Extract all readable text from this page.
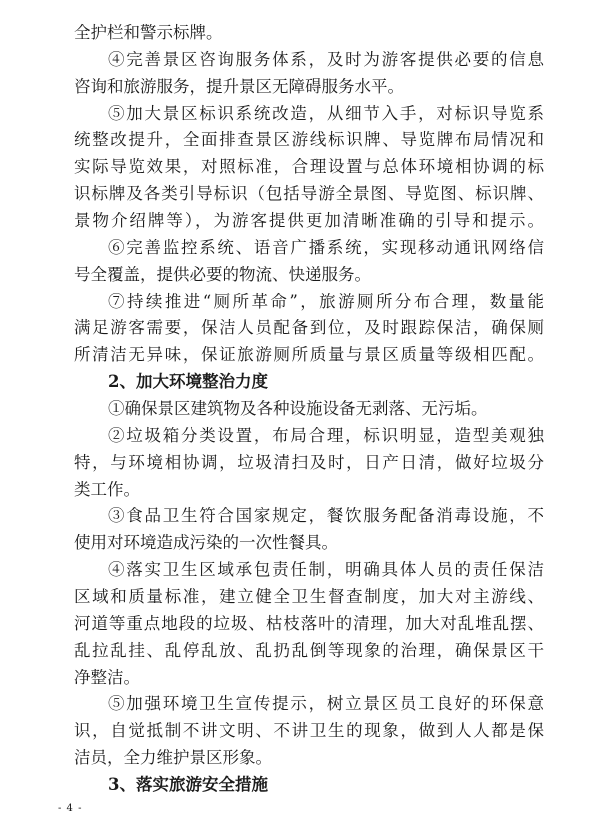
全护栏和警示标牌。
④完善景区咨询服务体系，及时为游客提供必要的信息
咨询和旅游服务，提升景区无障碍服务水平。
⑤加大景区标识系统改造，从细节入手，对标识导览系
统整改提升，全面排查景区游线标识牌、导览牌布局情况和
实际导览效果，对照标准，合理设置与总体环境相协调的标
识标牌及各类引导标识（包括导游全景图、导览图、标识牌、
景物介绍牌等），为游客提供更加清晰准确的引导和提示。
⑥完善监控系统、语音广播系统，实现移动通讯网络信
号全覆盖，提供必要的物流、快递服务。
⑦持续推进“厕所革命”，旅游厕所分布合理，数量能
满足游客需要，保洁人员配备到位，及时跟踪保洁，确保厕
所清洁无异味，保证旅游厕所质量与景区质量等级相匹配。
2、加大环境整治力度
①确保景区建筑物及各种设施设备无剥落、无污垢。
②垃圾箱分类设置，布局合理，标识明显，造型美观独
特，与环境相协调，垃圾清扫及时，日产日清，做好垃圾分
类工作。
③食品卫生符合国家规定，餐饮服务配备消毒设施，不
使用对环境造成污染的一次性餐具。
④落实卫生区域承包责任制，明确具体人员的责任保洁
区域和质量标准，建立健全卫生督查制度，加大对主游线、
河道等重点地段的垃圾、枯枝落叶的清理，加大对乱堆乱摆、
乱拉乱挂、乱停乱放、乱扔乱倒等现象的治理，确保景区干
净整洁。
⑤加强环境卫生宣传提示，树立景区员工良好的环保意
识，自觉抵制不讲文明、不讲卫生的现象，做到人人都是保
洁员，全力维护景区形象。
3、落实旅游安全措施
- 4 -
